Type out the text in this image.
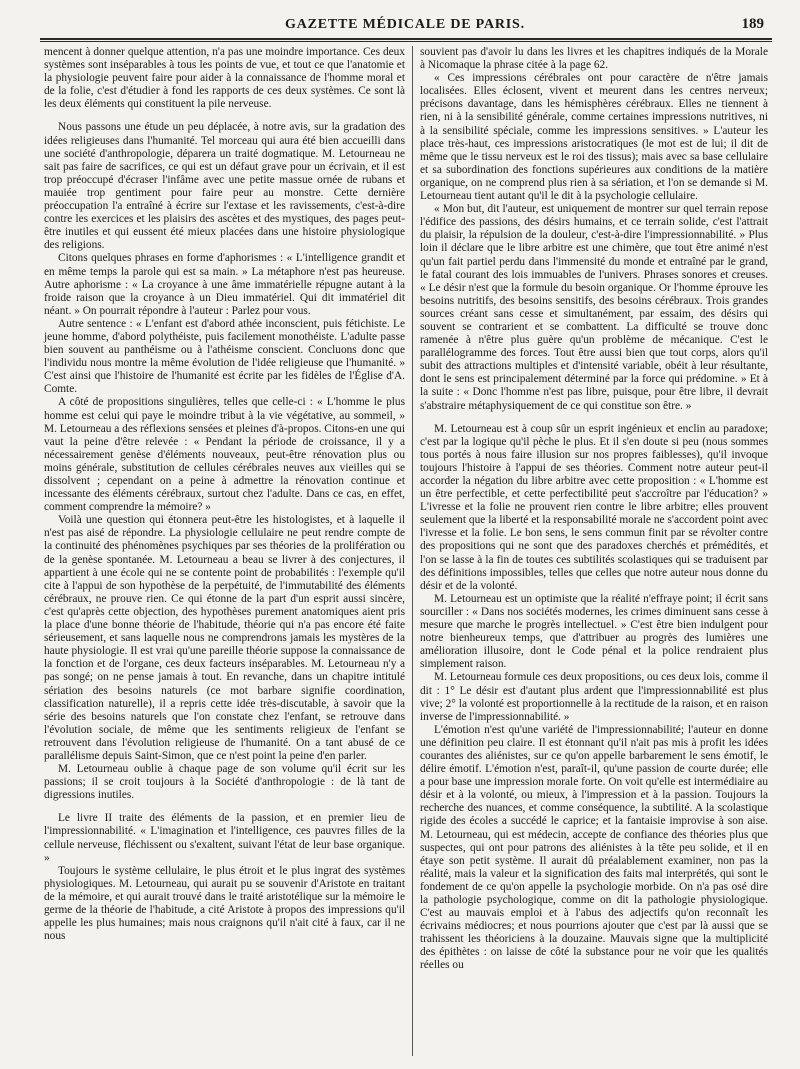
GAZETTE MÉDICALE DE PARIS.	189

mencent à donner quelque attention, n'a pas une moindre importance. Ces deux systèmes sont inséparables à tous les points de vue, et tout ce que l'anatomie et la physiologie peuvent faire pour aider à la connaissance de l'homme moral et de la folie, c'est d'étudier à fond les rapports de ces deux systèmes. Ce sont là les deux éléments qui constituent la pile nerveuse.

Nous passons une étude un peu déplacée, à notre avis, sur la gradation des idées religieuses dans l'humanité. Tel morceau qui aura été bien accueilli dans une société d'anthropologie, déparera un traité dogmatique. M. Letourneau ne sait pas faire de sacrifices, ce qui est un défaut grave pour un écrivain, et il est trop préoccupé d'écraser l'infâme avec une petite massue ornée de rubans et mauiée trop gentiment pour faire peur au monstre. Cette dernière préoccupation l'a entraîné à écrire sur l'extase et les ravissements, c'est-à-dire contre les exercices et les plaisirs des ascètes et des mystiques, des pages peut-être inutiles et qui eussent été mieux placées dans une histoire physiologique des religions.

Citons quelques phrases en forme d'aphorismes : « L'intelligence grandit et en même temps la parole qui est sa main. » La métaphore n'est pas heureuse. Autre aphorisme : « La croyance à une âme immatérielle répugne autant à la froide raison que la croyance à un Dieu immatériel. Qui dit immatériel dit néant. » On pourrait répondre à l'auteur : Parlez pour vous.

Autre sentence : « L'enfant est d'abord athée inconscient, puis fétichiste. Le jeune homme, d'abord polythéiste, puis facilement monothéiste. L'adulte passe bien souvent au panthéisme ou à l'athéisme conscient. Concluons donc que l'individu nous montre la même évolution de l'idée religieuse que l'humanité. » C'est ainsi que l'histoire de l'humanité est écrite par les fidèles de l'Église d'A. Comte.

A côté de propositions singulières, telles que celle-ci : « L'homme le plus homme est celui qui paye le moindre tribut à la vie végétative, au sommeil, » M. Letourneau a des réflexions sensées et pleines d'à-propos. Citons-en une qui vaut la peine d'être relevée : « Pendant la période de croissance, il y a nécessairement genèse d'éléments nouveaux, peut-être rénovation plus ou moins générale, substitution de cellules cérébrales neuves aux vieilles qui se dissolvent ; cependant on a peine à admettre la rénovation continue et incessante des éléments cérébraux, surtout chez l'adulte. Dans ce cas, en effet, comment comprendre la mémoire? »

Voilà une question qui étonnera peut-être les histologistes, et à laquelle il n'est pas aisé de répondre. La physiologie cellulaire ne peut rendre compte de la continuité des phénomènes psychiques par ses théories de la prolifération ou de la genèse spontanée. M. Letourneau a beau se livrer à des conjectures, il appartient à une école qui ne se contente point de probabilités : l'exemple qu'il cite à l'appui de son hypothèse de la perpétuité, de l'immutabilité des éléments cérébraux, ne prouve rien. Ce qui étonne de la part d'un esprit aussi sincère, c'est qu'après cette objection, des hypothèses purement anatomiques aient pris la place d'une bonne théorie de l'habitude, théorie qui n'a pas encore été faite sérieusement, et sans laquelle nous ne comprendrons jamais les mystères de la haute physiologie. Il est vrai qu'une pareille théorie suppose la connaissance de la fonction et de l'organe, ces deux facteurs inséparables. M. Letourneau n'y a pas songé; on ne pense jamais à tout. En revanche, dans un chapitre intitulé sériation des besoins naturels (ce mot barbare signifie coordination, classification naturelle), il a repris cette idée très-discutable, à savoir que la série des besoins naturels que l'on constate chez l'enfant, se retrouve dans l'évolution sociale, de même que les sentiments religieux de l'enfant se retrouvent dans l'évolution religieuse de l'humanité. On a tant abusé de ce parallélisme depuis Saint-Simon, que ce n'est point la peine d'en parler.

M. Letourneau oublie à chaque page de son volume qu'il écrit sur les passions; il se croit toujours à la Société d'anthropologie : de là tant de digressions inutiles.

Le livre II traite des éléments de la passion, et en premier lieu de l'impressionnabilité. « L'imagination et l'intelligence, ces pauvres filles de la cellule nerveuse, fléchissent ou s'exaltent, suivant l'état de leur base organique. »

Toujours le système cellulaire, le plus étroit et le plus ingrat des systèmes physiologiques. M. Letourneau, qui aurait pu se souvenir d'Aristote en traitant de la mémoire, et qui aurait trouvé dans le traité aristotélique sur la mémoire le germe de la théorie de l'habitude, a cité Aristote à propos des impressions qu'il appelle les plus humaines; mais nous craignons qu'il n'ait cité à faux, car il ne nous

souvient pas d'avoir lu dans les livres et les chapitres indiqués de la Morale à Nicomaque la phrase citée à la page 62.

« Ces impressions cérébrales ont pour caractère de n'être jamais localisées. Elles éclosent, vivent et meurent dans les centres nerveux; précisons davantage, dans les hémisphères cérébraux. Elles ne tiennent à rien, ni à la sensibilité générale, comme certaines impressions nutritives, ni à la sensibilité spéciale, comme les impressions sensitives. » L'auteur les place très-haut, ces impressions aristocratiques (le mot est de lui; il dit de même que le tissu nerveux est le roi des tissus); mais avec sa base cellulaire et sa subordination des fonctions supérieures aux conditions de la matière organique, on ne comprend plus rien à sa sériation, et l'on se demande si M. Letourneau tient autant qu'il le dit à la psychologie cellulaire.

« Mon but, dit l'auteur, est uniquement de montrer sur quel terrain repose l'édifice des passions, des désirs humains, et ce terrain solide, c'est l'attrait du plaisir, la répulsion de la douleur, c'est-à-dire l'impressionnabilité. » Plus loin il déclare que le libre arbitre est une chimère, que tout être animé n'est qu'un fait partiel perdu dans l'immensité du monde et entraîné par le grand, le fatal courant des lois immuables de l'univers. Phrases sonores et creuses. « Le désir n'est que la formule du besoin organique. Or l'homme éprouve les besoins nutritifs, des besoins sensitifs, des besoins cérébraux. Trois grandes sources créant sans cesse et simultanément, par essaim, des désirs qui souvent se contrarient et se combattent. La difficulté se trouve donc ramenée à n'être plus guère qu'un problème de mécanique. C'est le parallélogramme des forces. Tout être aussi bien que tout corps, alors qu'il subit des attractions multiples et d'intensité variable, obéit à leur résultante, dont le sens est principalement déterminé par la force qui prédomine. » Et à la suite : « Donc l'homme n'est pas libre, puisque, pour être libre, il devrait s'abstraire métaphysiquement de ce qui constitue son être. »

M. Letourneau est à coup sûr un esprit ingénieux et enclin au paradoxe; c'est par la logique qu'il pèche le plus. Et il s'en doute si peu (nous sommes tous portés à nous faire illusion sur nos propres faiblesses), qu'il invoque toujours l'histoire à l'appui de ses théories. Comment notre auteur peut-il accorder la négation du libre arbitre avec cette proposition : « L'homme est un être perfectible, et cette perfectibilité peut s'accroître par l'éducation? » L'ivresse et la folie ne prouvent rien contre le libre arbitre; elles prouvent seulement que la liberté et la responsabilité morale ne s'accordent point avec l'ivresse et la folie. Le bon sens, le sens commun finit par se révolter contre des propositions qui ne sont que des paradoxes cherchés et prémédités, et l'on se lasse à la fin de toutes ces subtilités scolastiques qui se traduisent par des définitions impossibles, telles que celles que notre auteur nous donne du désir et de la volonté.

M. Letourneau est un optimiste que la réalité n'effraye point; il écrit sans sourciller : « Dans nos sociétés modernes, les crimes diminuent sans cesse à mesure que marche le progrès intellectuel. » C'est être bien indulgent pour notre bienheureux temps, que d'attribuer au progrès des lumières une amélioration illusoire, dont le Code pénal et la police rendraient plus simplement raison.

M. Letourneau formule ces deux propositions, ou ces deux lois, comme il dit : 1° Le désir est d'autant plus ardent que l'impressionnabilité est plus vive; 2° la volonté est proportionnelle à la rectitude de la raison, et en raison inverse de l'impressionnabilité. »

L'émotion n'est qu'une variété de l'impressionnabilité; l'auteur en donne une définition peu claire. Il est étonnant qu'il n'ait pas mis à profit les idées courantes des aliénistes, sur ce qu'on appelle barbarement le sens émotif, le délire émotif. L'émotion n'est, paraît-il, qu'une passion de courte durée; elle a pour base une impression morale forte. On voit qu'elle est intermédiaire au désir et à la volonté, ou mieux, à l'impression et à la passion. Toujours la recherche des nuances, et comme conséquence, la subtilité. A la scolastique rigide des écoles a succédé le caprice; et la fantaisie improvise à son aise. M. Letourneau, qui est médecin, accepte de confiance des théories plus que suspectes, qui ont pour patrons des aliénistes à la tête peu solide, et il en étaye son petit système. Il aurait dû préalablement examiner, non pas la réalité, mais la valeur et la signification des faits mal interprétés, qui sont le fondement de ce qu'on appelle la psychologie morbide. On n'a pas osé dire la pathologie psychologique, comme on dit la pathologie physiologique. C'est au mauvais emploi et à l'abus des adjectifs qu'on reconnaît les écrivains médiocres; et nous pourrions ajouter que c'est par là aussi que se trahissent les théoriciens à la douzaine. Mauvais signe que la multiplicité des épithètes : on laisse de côté la substance pour ne voir que les qualités réelles ou
